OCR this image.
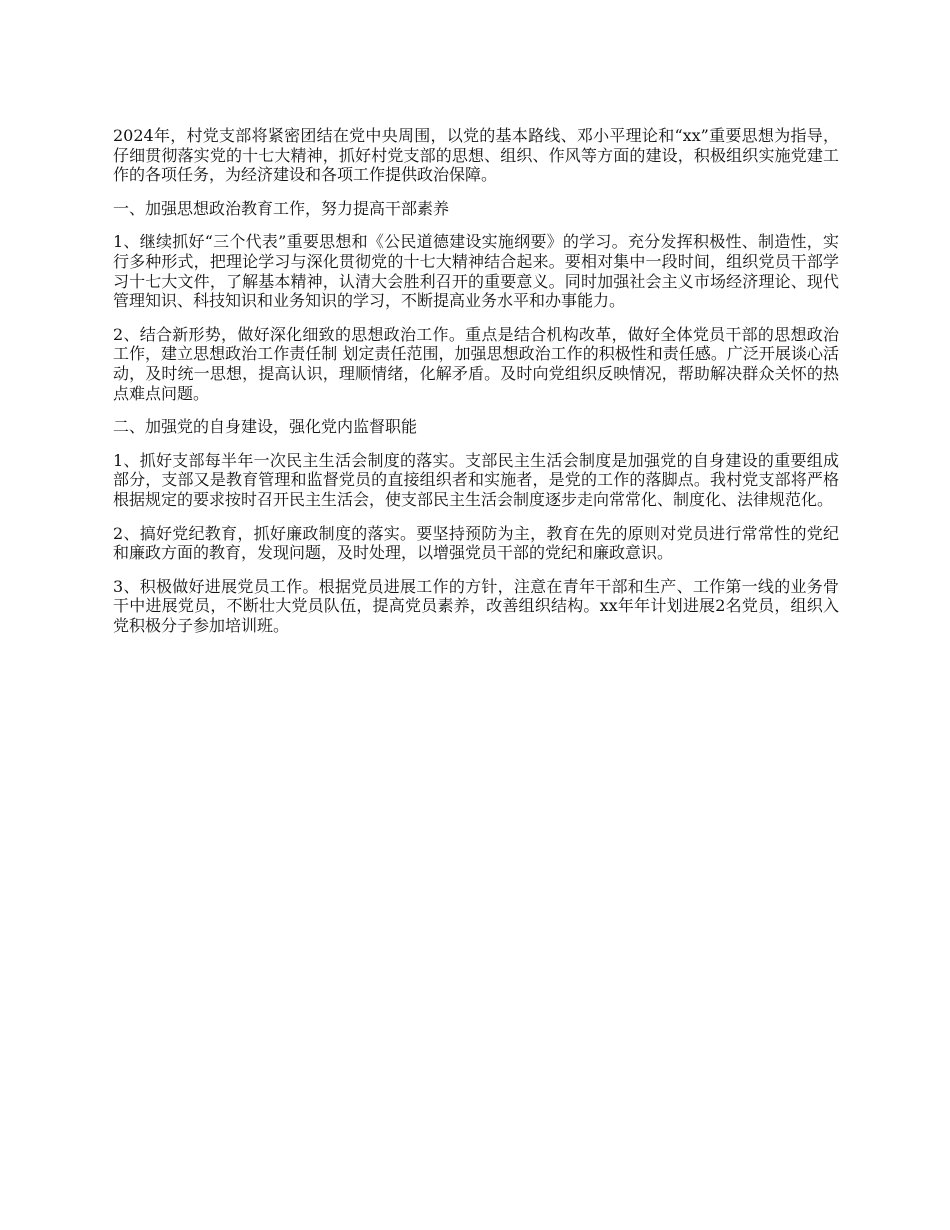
2024年，村党支部将紧密团结在党中央周围，以党的基本路线、邓小平理论和“xx”重要思想为指导，仔细贯彻落实党的十七大精神，抓好村党支部的思想、组织、作风等方面的建设，积极组织实施党建工作的各项任务，为经济建设和各项工作提供政治保障。

一、加强思想政治教育工作，努力提高干部素养

1、继续抓好“三个代表”重要思想和《公民道德建设实施纲要》的学习。充分发挥积极性、制造性，实行多种形式，把理论学习与深化贯彻党的十七大精神结合起来。要相对集中一段时间，组织党员干部学习十七大文件，了解基本精神，认清大会胜利召开的重要意义。同时加强社会主义市场经济理论、现代管理知识、科技知识和业务知识的学习，不断提高业务水平和办事能力。

2、结合新形势，做好深化细致的思想政治工作。重点是结合机构改革，做好全体党员干部的思想政治工作，建立思想政治工作责任制 划定责任范围，加强思想政治工作的积极性和责任感。广泛开展谈心活动，及时统一思想，提高认识，理顺情绪，化解矛盾。及时向党组织反映情况，帮助解决群众关怀的热点难点问题。

二、加强党的自身建设，强化党内监督职能

1、抓好支部每半年一次民主生活会制度的落实。支部民主生活会制度是加强党的自身建设的重要组成部分，支部又是教育管理和监督党员的直接组织者和实施者，是党的工作的落脚点。我村党支部将严格根据规定的要求按时召开民主生活会，使支部民主生活会制度逐步走向常常化、制度化、法律规范化。

2、搞好党纪教育，抓好廉政制度的落实。要坚持预防为主，教育在先的原则对党员进行常常性的党纪和廉政方面的教育，发现问题，及时处理，以增强党员干部的党纪和廉政意识。

3、积极做好进展党员工作。根据党员进展工作的方针，注意在青年干部和生产、工作第一线的业务骨干中进展党员，不断壮大党员队伍，提高党员素养，改善组织结构。xx年年计划进展2名党员，组织入党积极分子参加培训班。
